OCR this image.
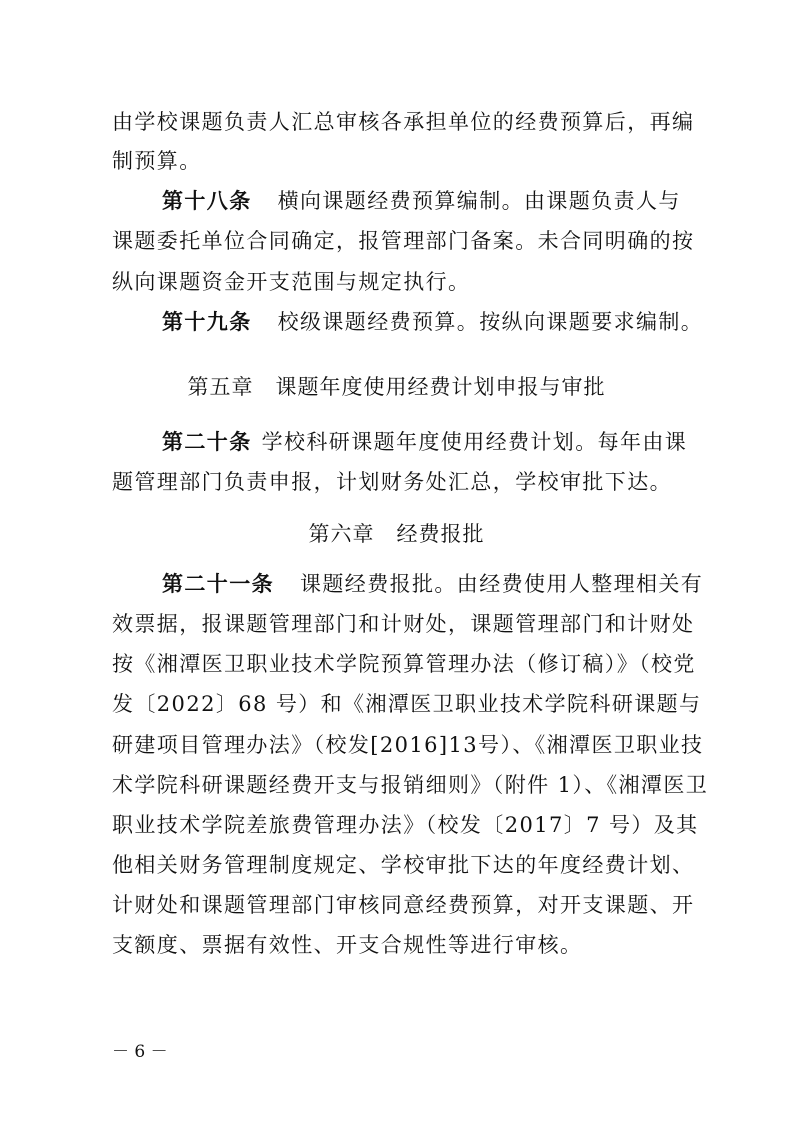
由学校课题负责人汇总审核各承担单位的经费预算后，再编
制预算。
第十八条 横向课题经费预算编制。由课题负责人与
课题委托单位合同确定，报管理部门备案。未合同明确的按
纵向课题资金开支范围与规定执行。
第十九条 校级课题经费预算。按纵向课题要求编制。
第五章　课题年度使用经费计划申报与审批
第二十条 学校科研课题年度使用经费计划。每年由课
题管理部门负责申报，计划财务处汇总，学校审批下达。
第六章　经费报批
第二十一条 课题经费报批。由经费使用人整理相关有
效票据，报课题管理部门和计财处，课题管理部门和计财处
按《湘潭医卫职业技术学院预算管理办法（修订稿）》（校党
发〔2022〕68 号）和《湘潭医卫职业技术学院科研课题与
研建项目管理办法》（校发[2016]13号）、《湘潭医卫职业技
术学院科研课题经费开支与报销细则》（附件 1）、《湘潭医卫
职业技术学院差旅费管理办法》（校发〔2017〕7 号）及其
他相关财务管理制度规定、学校审批下达的年度经费计划、
计财处和课题管理部门审核同意经费预算，对开支课题、开
支额度、票据有效性、开支合规性等进行审核。
－ 6 －
